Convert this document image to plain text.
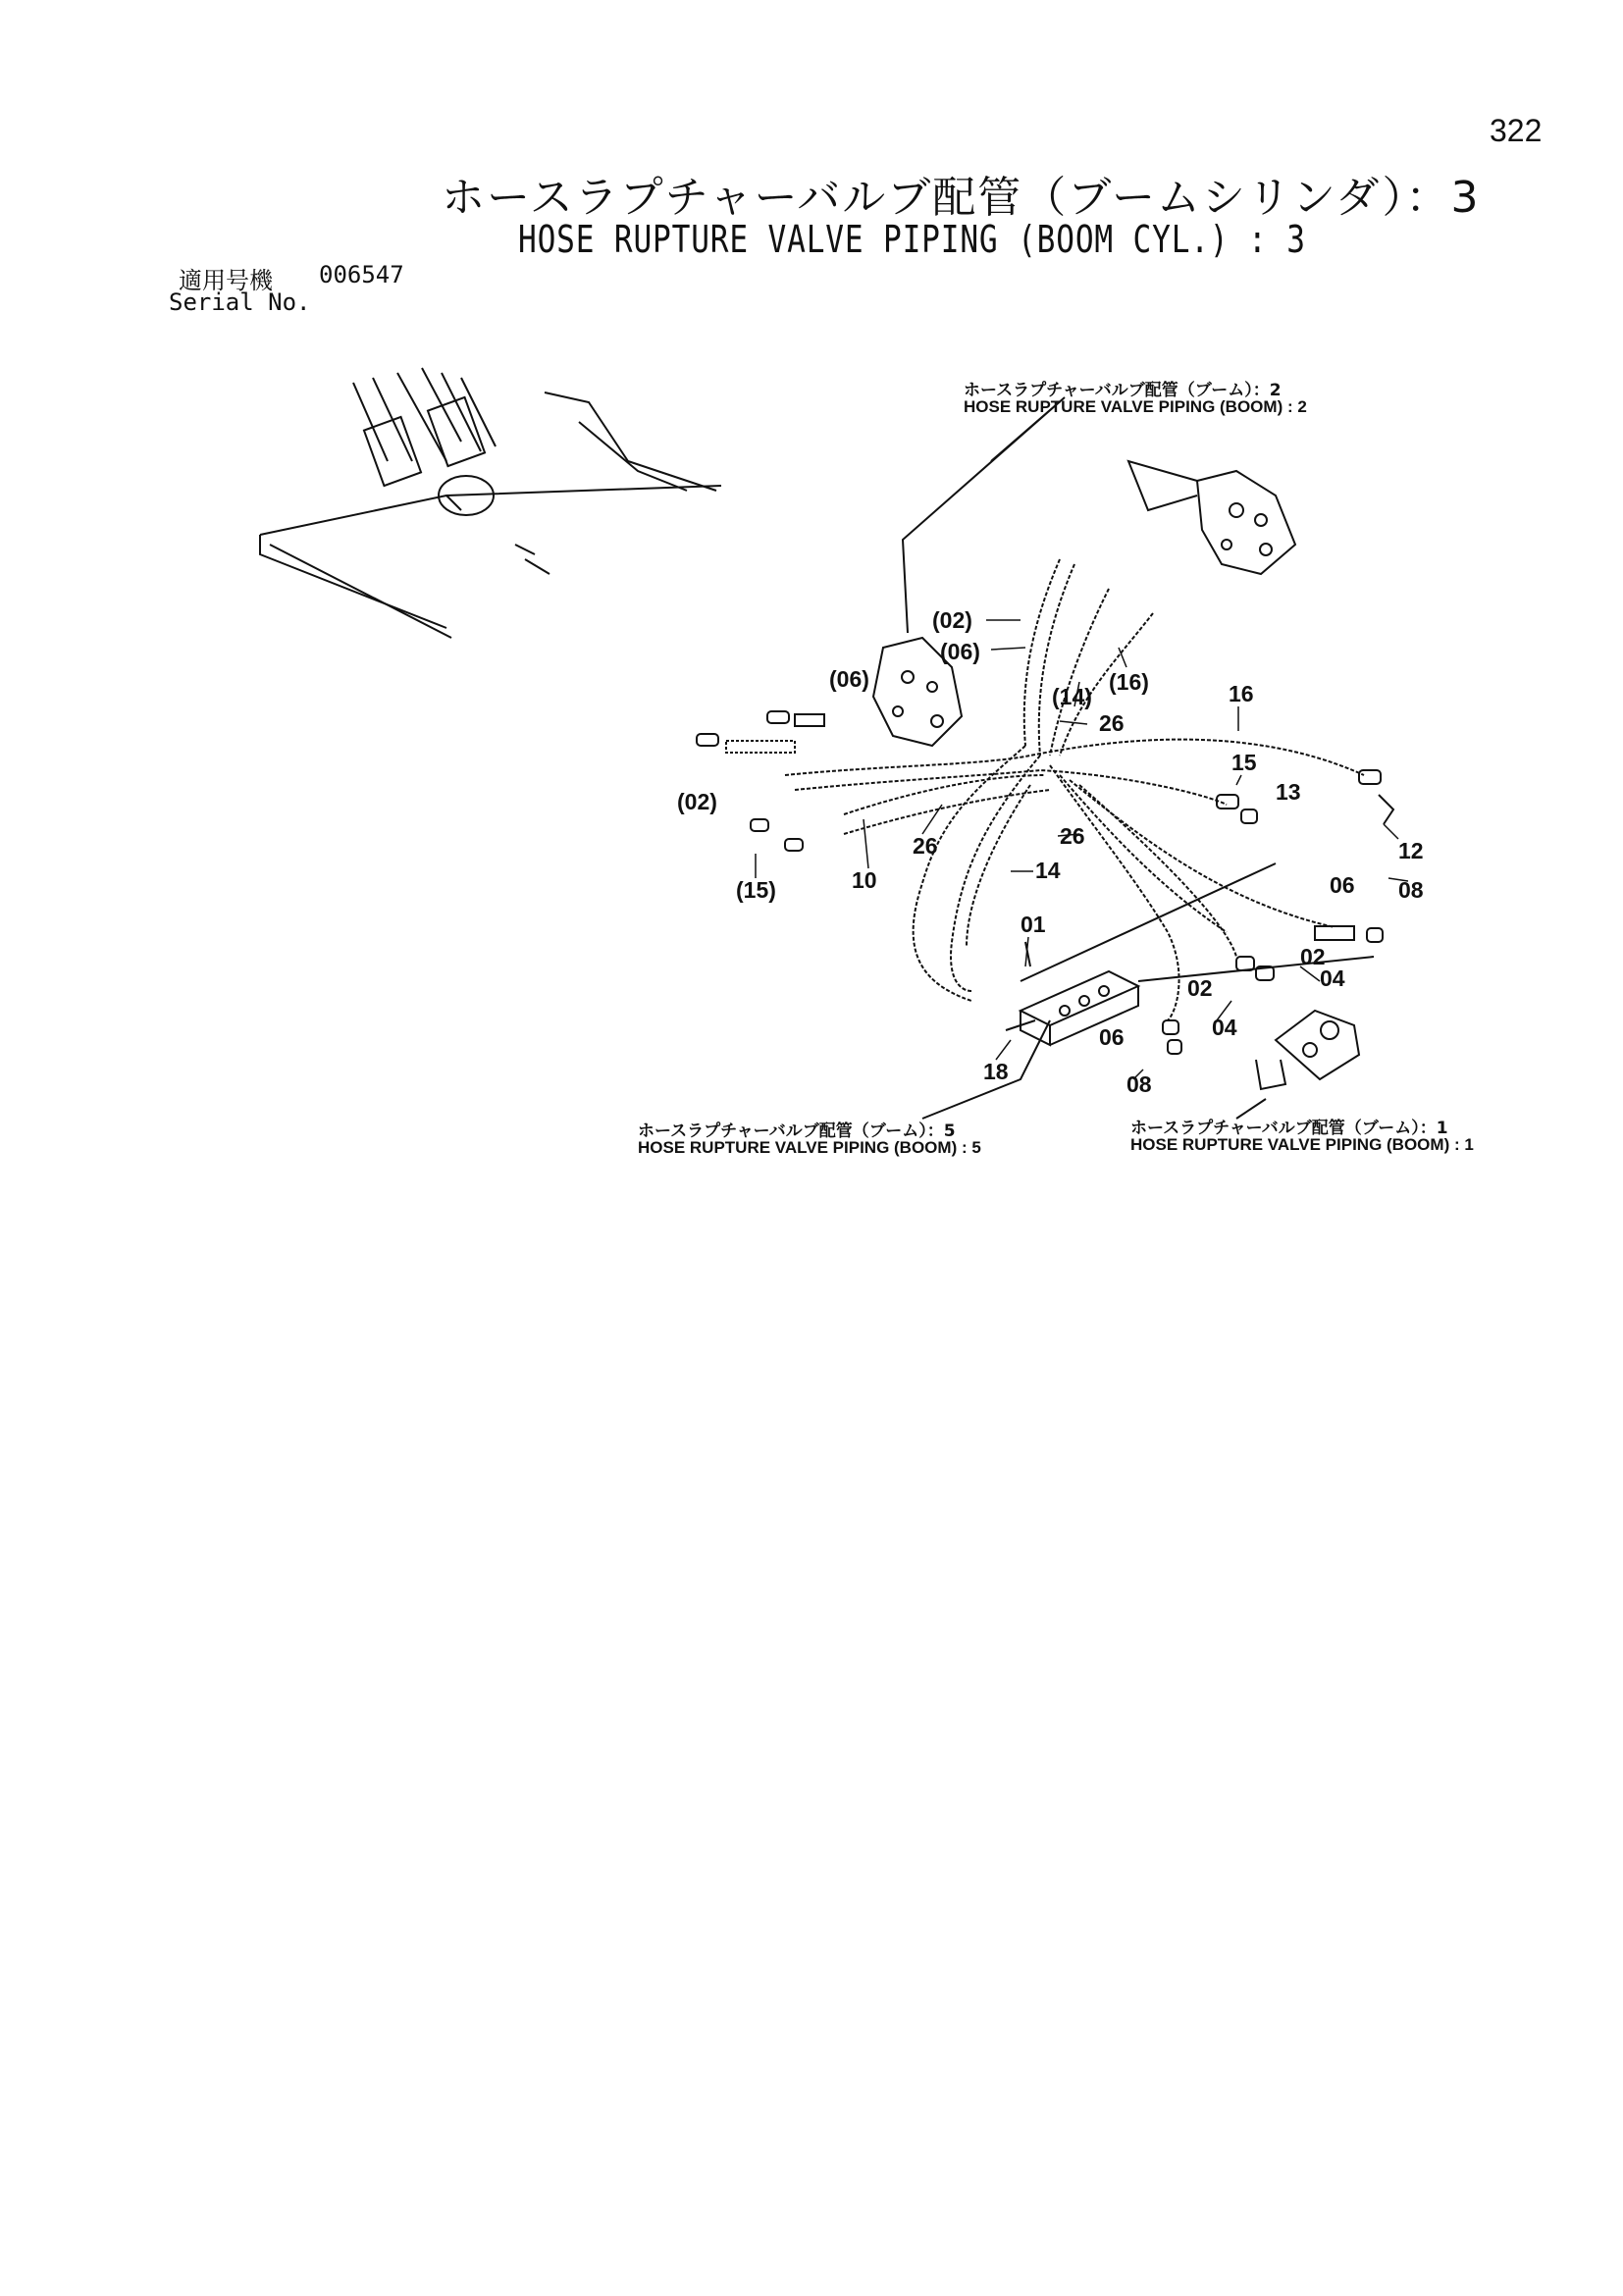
322
ホースラプチャーバルブ配管（ブームシリンダ）：3
HOSE RUPTURE VALVE PIPING (BOOM CYL.) : 3
適用号機 006547
Serial No.
ホースラプチャーバルブ配管（ブーム）：2
HOSE RUPTURE VALVE PIPING (BOOM) : 2
ホースラプチャーバルブ配管（ブーム）：5
HOSE RUPTURE VALVE PIPING (BOOM) : 5
ホースラプチャーバルブ配管（ブーム）：1
HOSE RUPTURE VALVE PIPING (BOOM) : 1
(02)
(06)
(06)
(14)
(16)
26
16
15
13
12
(02)
(15)	10
26	26
14
01
06 08
02
02	04
04
06
08
18
